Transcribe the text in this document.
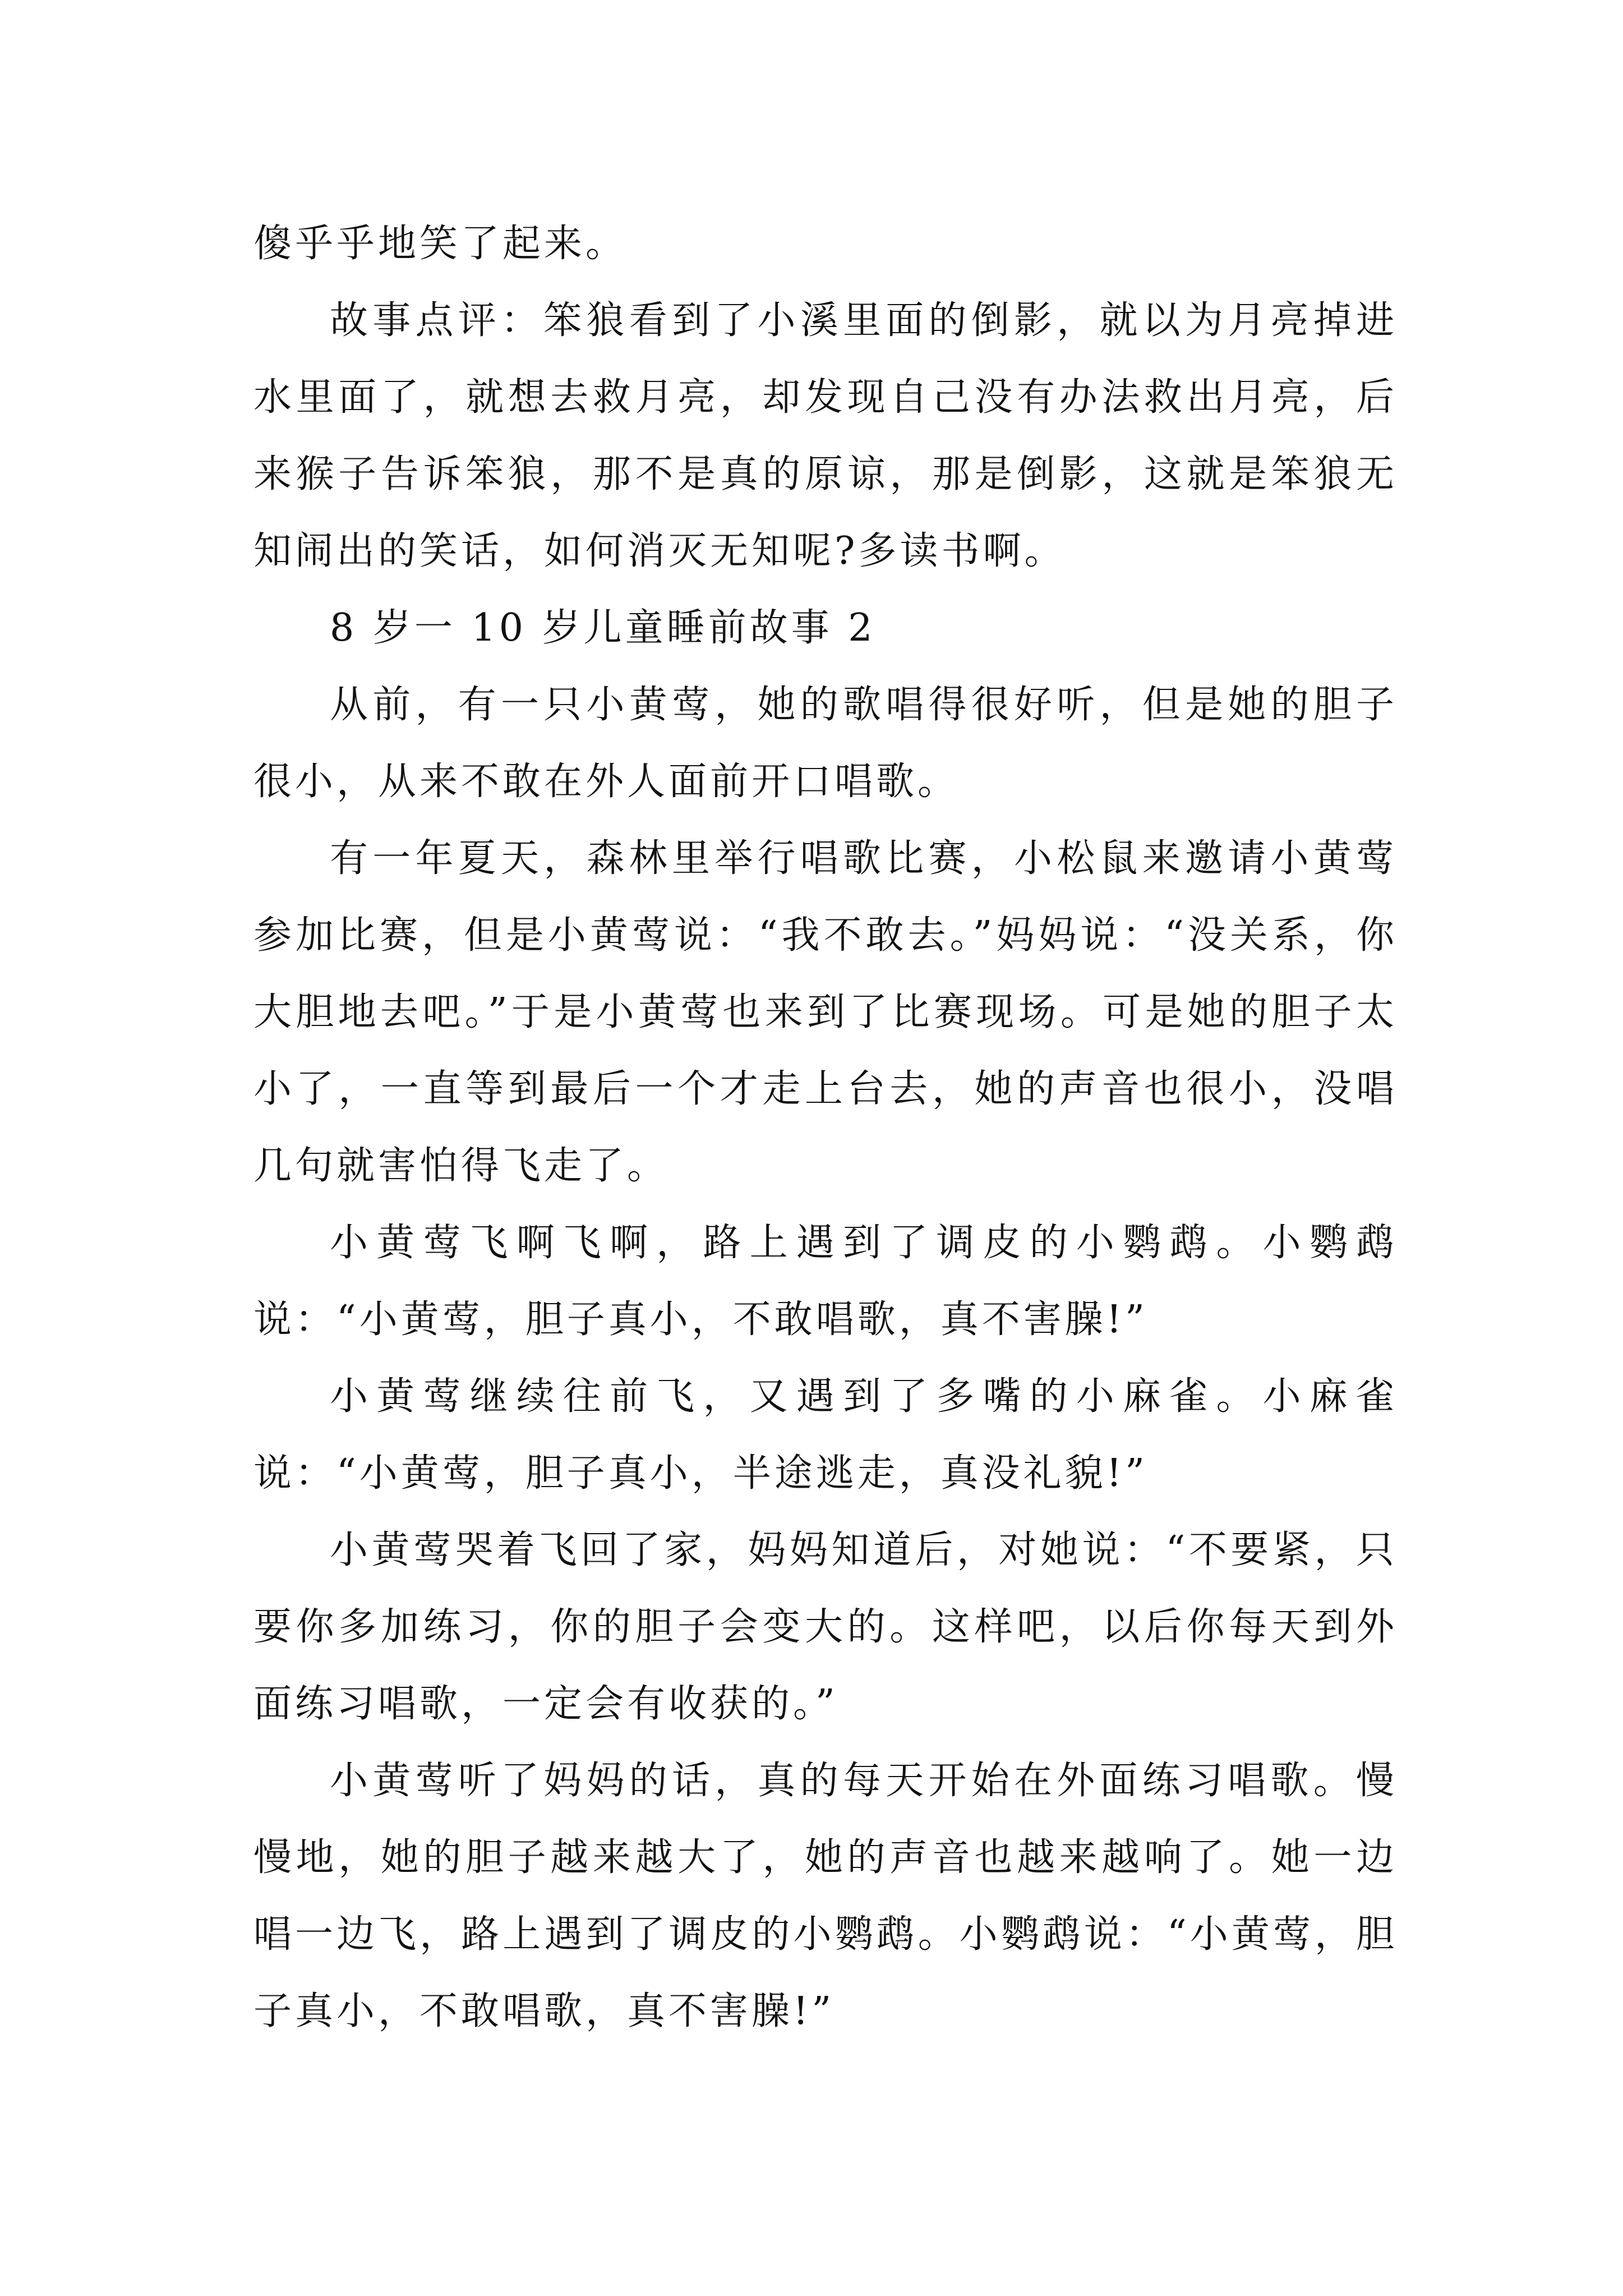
傻乎乎地笑了起来。

故事点评：笨狼看到了小溪里面的倒影，就以为月亮掉进水里面了，就想去救月亮，却发现自己没有办法救出月亮，后来猴子告诉笨狼，那不是真的原谅，那是倒影，这就是笨狼无知闹出的笑话，如何消灭无知呢?多读书啊。

8 岁一 10 岁儿童睡前故事 2

从前，有一只小黄莺，她的歌唱得很好听，但是她的胆子很小，从来不敢在外人面前开口唱歌。

有一年夏天，森林里举行唱歌比赛，小松鼠来邀请小黄莺参加比赛，但是小黄莺说：“我不敢去。”妈妈说：“没关系，你大胆地去吧。”于是小黄莺也来到了比赛现场。可是她的胆子太小了，一直等到最后一个才走上台去，她的声音也很小，没唱几句就害怕得飞走了。

小黄莺飞啊飞啊，路上遇到了调皮的小鹦鹉。小鹦鹉说：“小黄莺，胆子真小，不敢唱歌，真不害臊!”

小黄莺继续往前飞，又遇到了多嘴的小麻雀。小麻雀说：“小黄莺，胆子真小，半途逃走，真没礼貌!”

小黄莺哭着飞回了家，妈妈知道后，对她说：“不要紧，只要你多加练习，你的胆子会变大的。这样吧，以后你每天到外面练习唱歌，一定会有收获的。”

小黄莺听了妈妈的话，真的每天开始在外面练习唱歌。慢慢地，她的胆子越来越大了，她的声音也越来越响了。她一边唱一边飞，路上遇到了调皮的小鹦鹉。小鹦鹉说：“小黄莺，胆子真小，不敢唱歌，真不害臊!”
